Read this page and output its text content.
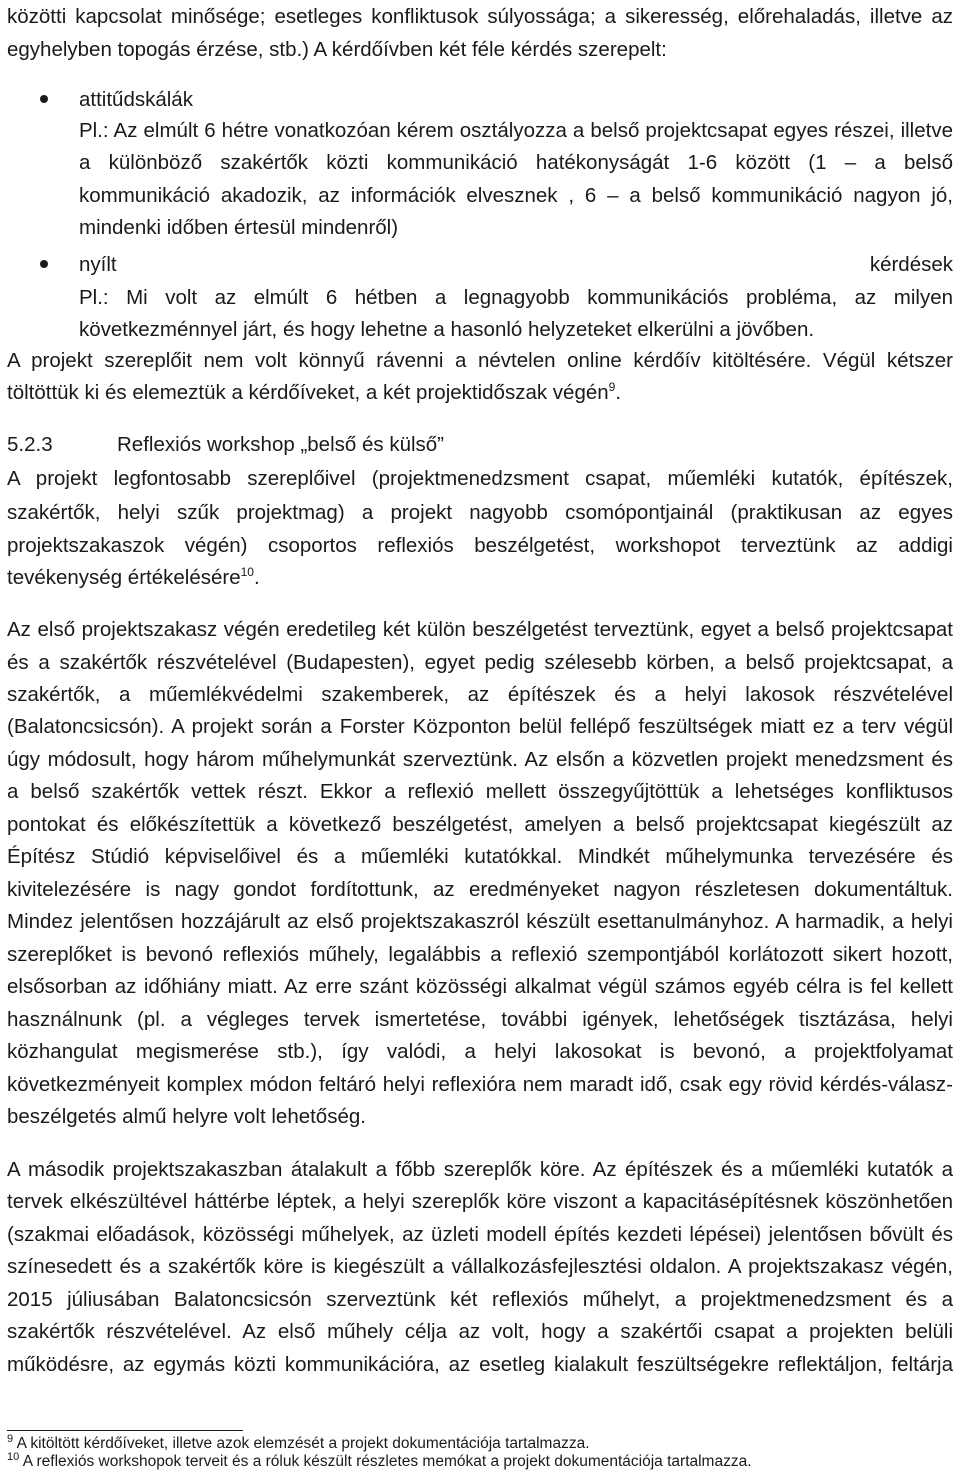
közötti kapcsolat minősége; esetleges konfliktusok súlyossága; a sikeresség, előrehaladás, illetve az
egyhelyben topogás érzése, stb.) A kérdőívben két féle kérdés szerepelt:
attitűdskálák
Pl.: Az elmúlt 6 hétre vonatkozóan kérem osztályozza a belső projektcsapat egyes részei, illetve
a különböző szakértők közti kommunikáció hatékonyságát 1-6 között (1 – a belső
kommunikáció akadozik, az információk elvesznek , 6 – a belső kommunikáció nagyon jó,
mindenki időben értesül mindenről)
nyílt	kérdések
Pl.: Mi volt az elmúlt 6 hétben a legnagyobb kommunikációs probléma, az milyen
következménnyel járt, és hogy lehetne a hasonló helyzeteket elkerülni a jövőben.
A projekt szereplőit nem volt könnyű rávenni a névtelen online kérdőív kitöltésére. Végül kétszer
töltöttük ki és elemeztük a kérdőíveket, a két projektidőszak végén$^9$.
5.2.3	Reflexiós workshop „belső és külső”
A projekt legfontosabb szereplőivel (projektmenedzsment csapat, műemléki kutatók, építészek,
szakértők, helyi szűk projektmag) a projekt nagyobb csomópontjainál (praktikusan az egyes
projektszakaszok végén) csoportos reflexiós beszélgetést, workshopot terveztünk az addigi
tevékenység értékelésére$^{10}$.
Az első projektszakasz végén eredetileg két külön beszélgetést terveztünk, egyet a belső projektcsapat
és a szakértők részvételével (Budapesten), egyet pedig szélesebb körben, a belső projektcsapat, a
szakértők, a műemlékvédelmi szakemberek, az építészek és a helyi lakosok részvételével
(Balatoncsicsón). A projekt során a Forster Központon belül fellépő feszültségek miatt ez a terv végül
úgy módosult, hogy három műhelymunkát szerveztünk. Az elsőn a közvetlen projekt menedzsment és
a belső szakértők vettek részt. Ekkor a reflexió mellett összegyűjtöttük a lehetséges konfliktusos
pontokat és előkészítettük a következő beszélgetést, amelyen a belső projektcsapat kiegészült az
Építész Stúdió képviselőivel és a műemléki kutatókkal. Mindkét műhelymunka tervezésére és
kivitelezésére is nagy gondot fordítottunk, az eredményeket nagyon részletesen dokumentáltuk.
Mindez jelentősen hozzájárult az első projektszakaszról készült esettanulmányhoz. A harmadik, a helyi
szereplőket is bevonó reflexiós műhely, legalábbis a reflexió szempontjából korlátozott sikert hozott,
elsősorban az időhiány miatt. Az erre szánt közösségi alkalmat végül számos egyéb célra is fel kellett
használnunk (pl. a végleges tervek ismertetése, további igények, lehetőségek tisztázása, helyi
közhangulat megismerése stb.), így valódi, a helyi lakosokat is bevonó, a projektfolyamat
következményeit komplex módon feltáró helyi reflexióra nem maradt idő, csak egy rövid kérdés-válasz-
beszélgetés almű helyre volt lehetőség.
A második projektszakaszban átalakult a főbb szereplők köre. Az építészek és a műemléki kutatók a
tervek elkészültével háttérbe léptek, a helyi szereplők köre viszont a kapacitásépítésnek köszönhetően
(szakmai előadások, közösségi műhelyek, az üzleti modell építés kezdeti lépései) jelentősen bővült és
színesedett és a szakértők köre is kiegészült a vállalkozásfejlesztési oldalon. A projektszakasz végén,
2015 júliusában Balatoncsicsón szerveztünk két reflexiós műhelyt, a projektmenedzsment és a
szakértők részvételével. Az első műhely célja az volt, hogy a szakértői csapat a projekten belüli
működésre, az egymás közti kommunikációra, az esetleg kialakult feszültségekre reflektáljon, feltárja
$^9$ A kitöltött kérdőíveket, illetve azok elemzését a projekt dokumentációja tartalmazza.
$^{10}$ A reflexiós workshopok terveit és a róluk készült részletes memókat a projekt dokumentációja tartalmazza.
